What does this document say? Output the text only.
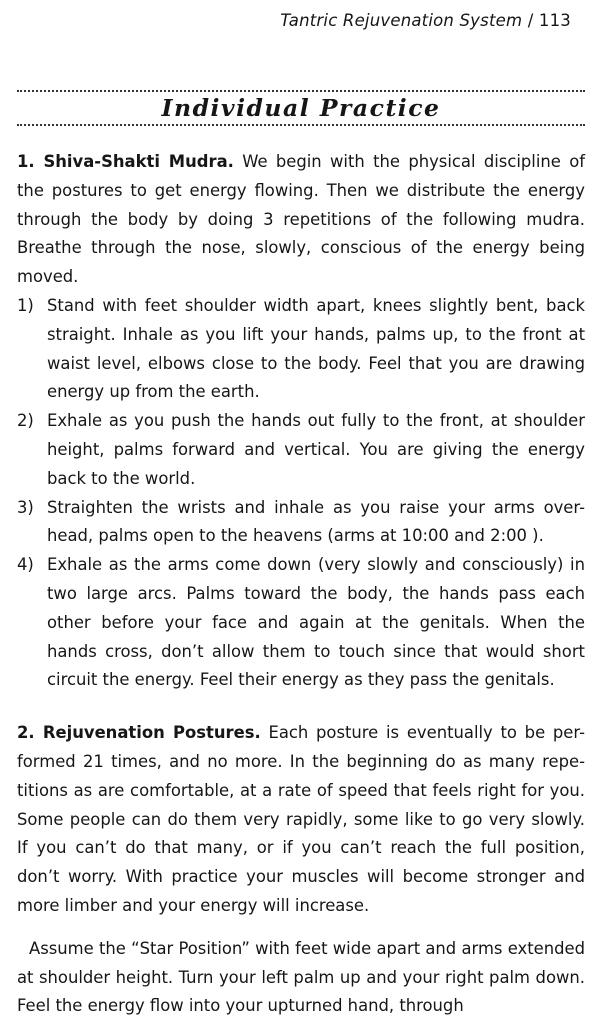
Tantric Rejuvenation System / 113
Individual Practice

1. Shiva-Shakti Mudra. We begin with the physical discipline of the postures to get energy flowing. Then we distribute the energy through the body by doing 3 repetitions of the following mudra. Breathe through the nose, slowly, conscious of the energy being moved.

1) Stand with feet shoulder width apart, knees slightly bent, back straight. Inhale as you lift your hands, palms up, to the front at waist level, elbows close to the body. Feel that you are drawing energy up from the earth.

2) Exhale as you push the hands out fully to the front, at shoulder height, palms forward and vertical. You are giving the energy back to the world.

3) Straighten the wrists and inhale as you raise your arms over-head, palms open to the heavens (arms at 10:00 and 2:00 ).

4) Exhale as the arms come down (very slowly and consciously) in two large arcs. Palms toward the body, the hands pass each other before your face and again at the genitals. When the hands cross, don’t allow them to touch since that would short circuit the energy. Feel their energy as they pass the genitals.

2. Rejuvenation Postures. Each posture is eventually to be per-formed 21 times, and no more. In the beginning do as many repe-titions as are comfortable, at a rate of speed that feels right for you. Some people can do them very rapidly, some like to go very slowly. If you can’t do that many, or if you can’t reach the full position, don’t worry. With practice your muscles will become stronger and more limber and your energy will increase.

Assume the “Star Position” with feet wide apart and arms extended at shoulder height. Turn your left palm up and your right palm down. Feel the energy flow into your upturned hand, through
